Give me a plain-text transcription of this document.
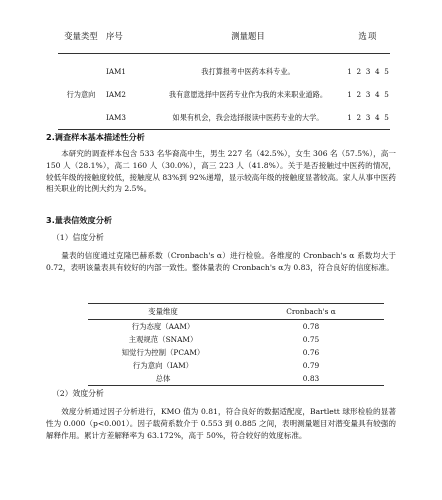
变量类型	序号	测量题目	选项
行为意向	IAM1	我打算报考中医药本科专业。	1 2 3 4 5
	IAM2	我有意愿选择中医药专业作为我的未来职业道路。	1 2 3 4 5
	IAM3	如果有机会，我会选择报读中医药专业的大学。	1 2 3 4 5
2.调查样本基本描述性分析
本研究的调查样本包含 533 名华裔高中生，男生 227 名（42.5%），女生 306 名（57.5%），高一 150 人（28.1%），高二 160 人（30.0%），高三 223 人（41.8%）。关于是否接触过中医药的情况，较低年级的接触度较低，接触度从 83%到 92%递增，显示较高年级的接触度显著较高。家人从事中医药相关职业的比例大约为 2.5%。
3.量表信效度分析
（1）信度分析
量表的信度通过克隆巴赫系数（Cronbach's α）进行检验。各维度的 Cronbach's α 系数均大于 0.72，表明该量表具有较好的内部一致性。整体量表的 Cronbach's α为 0.83，符合良好的信度标准。
变量维度	Cronbach's α
行为态度（AAM）	0.78
主观规范（SNAM）	0.75
知觉行为控制（PCAM）	0.76
行为意向（IAM）	0.79
总体	0.83
（2）效度分析
效度分析通过因子分析进行，KMO 值为 0.81，符合良好的数据适配度，Bartlett 球形检验的显著性为 0.000（p<0.001）。因子载荷系数介于 0.553 到 0.885 之间，表明测量题目对潜变量具有较强的解释作用。累计方差解释率为 63.172%，高于 50%，符合较好的效度标准。
